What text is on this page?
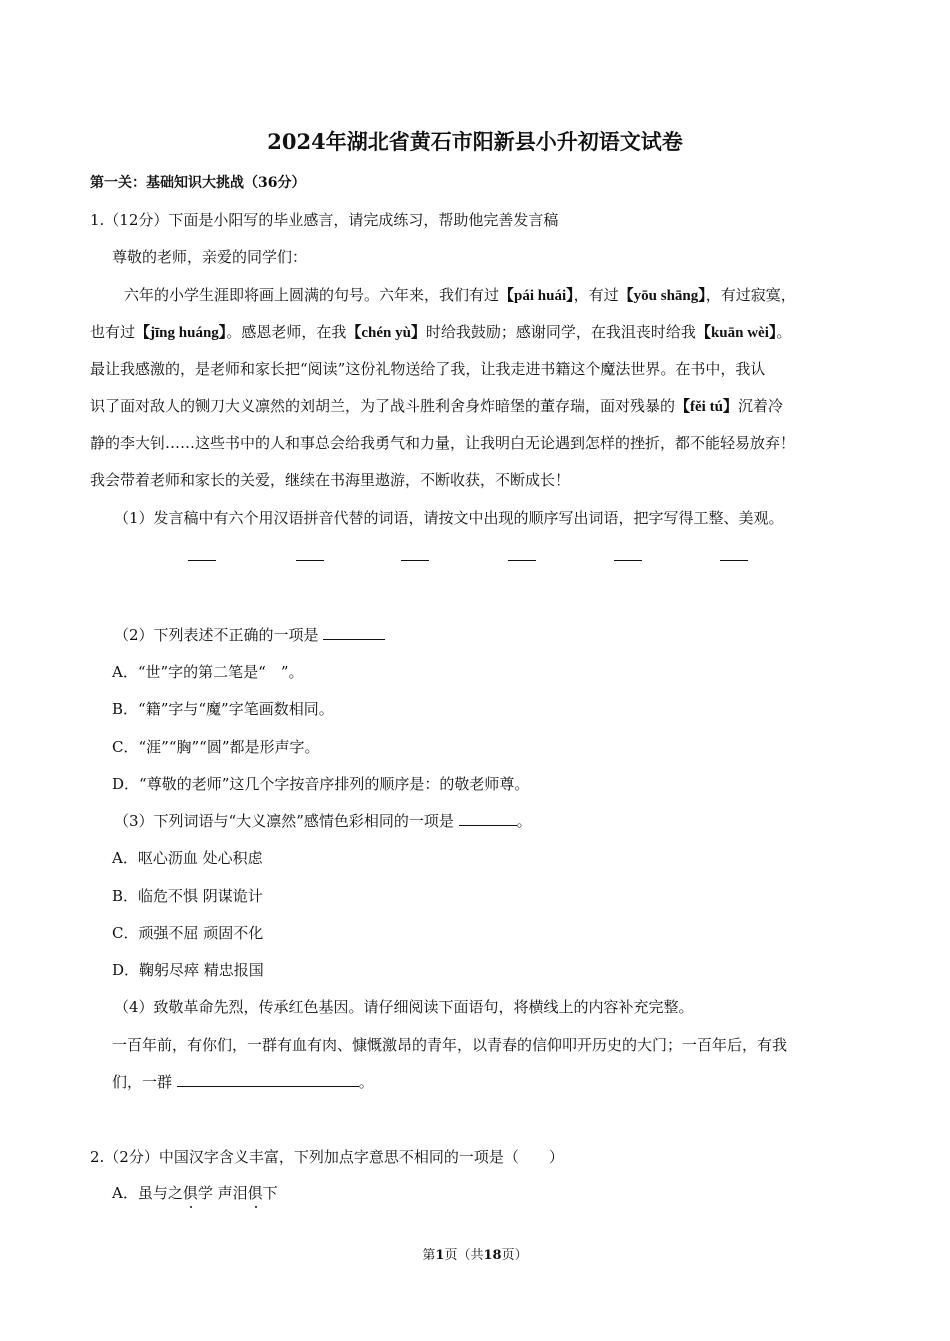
2024年湖北省黄石市阳新县小升初语文试卷
第一关：基础知识大挑战（36分）
1.（12分）下面是小阳写的毕业感言，请完成练习，帮助他完善发言稿
尊敬的老师，亲爱的同学们：
六年的小学生涯即将画上圆满的句号。六年来，我们有过【pái huái】，有过【yōu shāng】，有过寂寞，
也有过【jīng huáng】。感恩老师，在我【chén yù】时给我鼓励；感谢同学，在我沮丧时给我【kuān wèi】。
最让我感激的，是老师和家长把“阅读”这份礼物送给了我，让我走进书籍这个魔法世界。在书中，我认
识了面对敌人的铡刀大义凛然的刘胡兰，为了战斗胜利舍身炸暗堡的董存瑞，面对残暴的【fěi tú】沉着冷
静的李大钊……这些书中的人和事总会给我勇气和力量，让我明白无论遇到怎样的挫折，都不能轻易放弃！
我会带着老师和家长的关爱，继续在书海里遨游，不断收获，不断成长！
（1）发言稿中有六个用汉语拼音代替的词语，请按文中出现的顺序写出词语，把字写得工整、美观。
（2）下列表述不正确的一项是
A．“世”字的第二笔是“　”。
B．“籍”字与“魔”字笔画数相同。
C．“涯”“胸”“圆”都是形声字。
D．“尊敬的老师”这几个字按音序排列的顺序是：的敬老师尊。
（3）下列词语与“大义凛然”感情色彩相同的一项是	。
A．呕心沥血 处心积虑
B．临危不惧 阴谋诡计
C．顽强不屈 顽固不化
D．鞠躬尽瘁 精忠报国
（4）致敬革命先烈，传承红色基因。请仔细阅读下面语句，将横线上的内容补充完整。
一百年前，有你们，一群有血有肉、慷慨激昂的青年，以青春的信仰叩开历史的大门；一百年后，有我
们，一群	。
2.（2分）中国汉字含义丰富，下列加点字意思不相同的一项是（　　）
A．虽与之俱学 声泪俱下
第1页（共18页）
